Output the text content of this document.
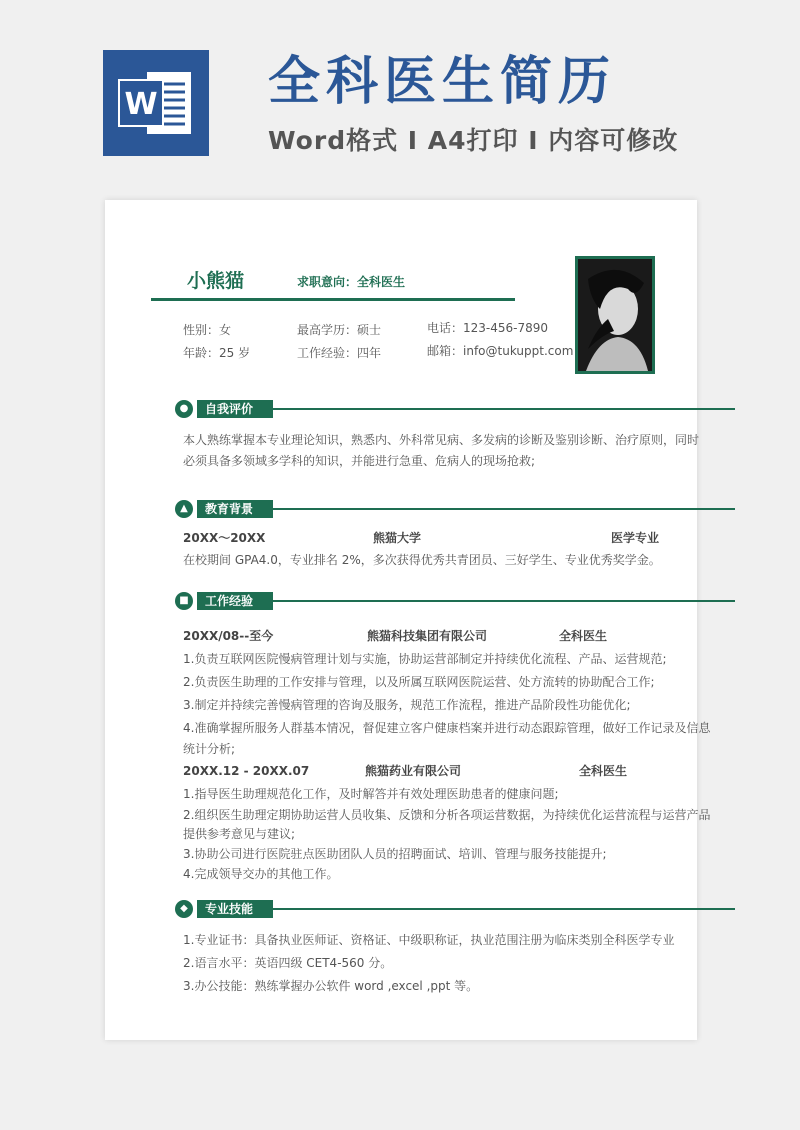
W 全科医生简历
Word格式 I A4打印 I 内容可修改
小熊猫	求职意向：全科医生
性别：女
年龄：25 岁
最高学历：硕士
工作经验：四年
电话：123-456-7890
邮箱：info@tukuppt.com
●	自我评价
本人熟练掌握本专业理论知识，熟悉内、外科常见病、多发病的诊断及鉴别诊断、治疗原则，同时
必须具备多领域多学科的知识，并能进行急重、危病人的现场抢救;
▲	教育背景
20XX～20XX	熊猫大学	医学专业
在校期间 GPA4.0，专业排名 2%，多次获得优秀共青团员、三好学生、专业优秀奖学金。
■	工作经验
20XX/08--至今	熊猫科技集团有限公司	全科医生
1.负责互联网医院慢病管理计划与实施，协助运营部制定并持续优化流程、产品、运营规范;
2.负责医生助理的工作安排与管理，以及所属互联网医院运营、处方流转的协助配合工作;
3.制定并持续完善慢病管理的咨询及服务，规范工作流程，推进产品阶段性功能优化;
4.准确掌握所服务人群基本情况，督促建立客户健康档案并进行动态跟踪管理，做好工作记录及信息
统计分析;
20XX.12 - 20XX.07	熊猫药业有限公司	全科医生
1.指导医生助理规范化工作，及时解答并有效处理医助患者的健康问题;
2.组织医生助理定期协助运营人员收集、反馈和分析各项运营数据，为持续优化运营流程与运营产品
提供参考意见与建议;
3.协助公司进行医院驻点医助团队人员的招聘面试、培训、管理与服务技能提升;
4.完成领导交办的其他工作。
◆	专业技能
1.专业证书：具备执业医师证、资格证、中级职称证，执业范围注册为临床类别全科医学专业
2.语言水平：英语四级 CET4-560 分。
3.办公技能：熟练掌握办公软件 word ,excel ,ppt 等。
